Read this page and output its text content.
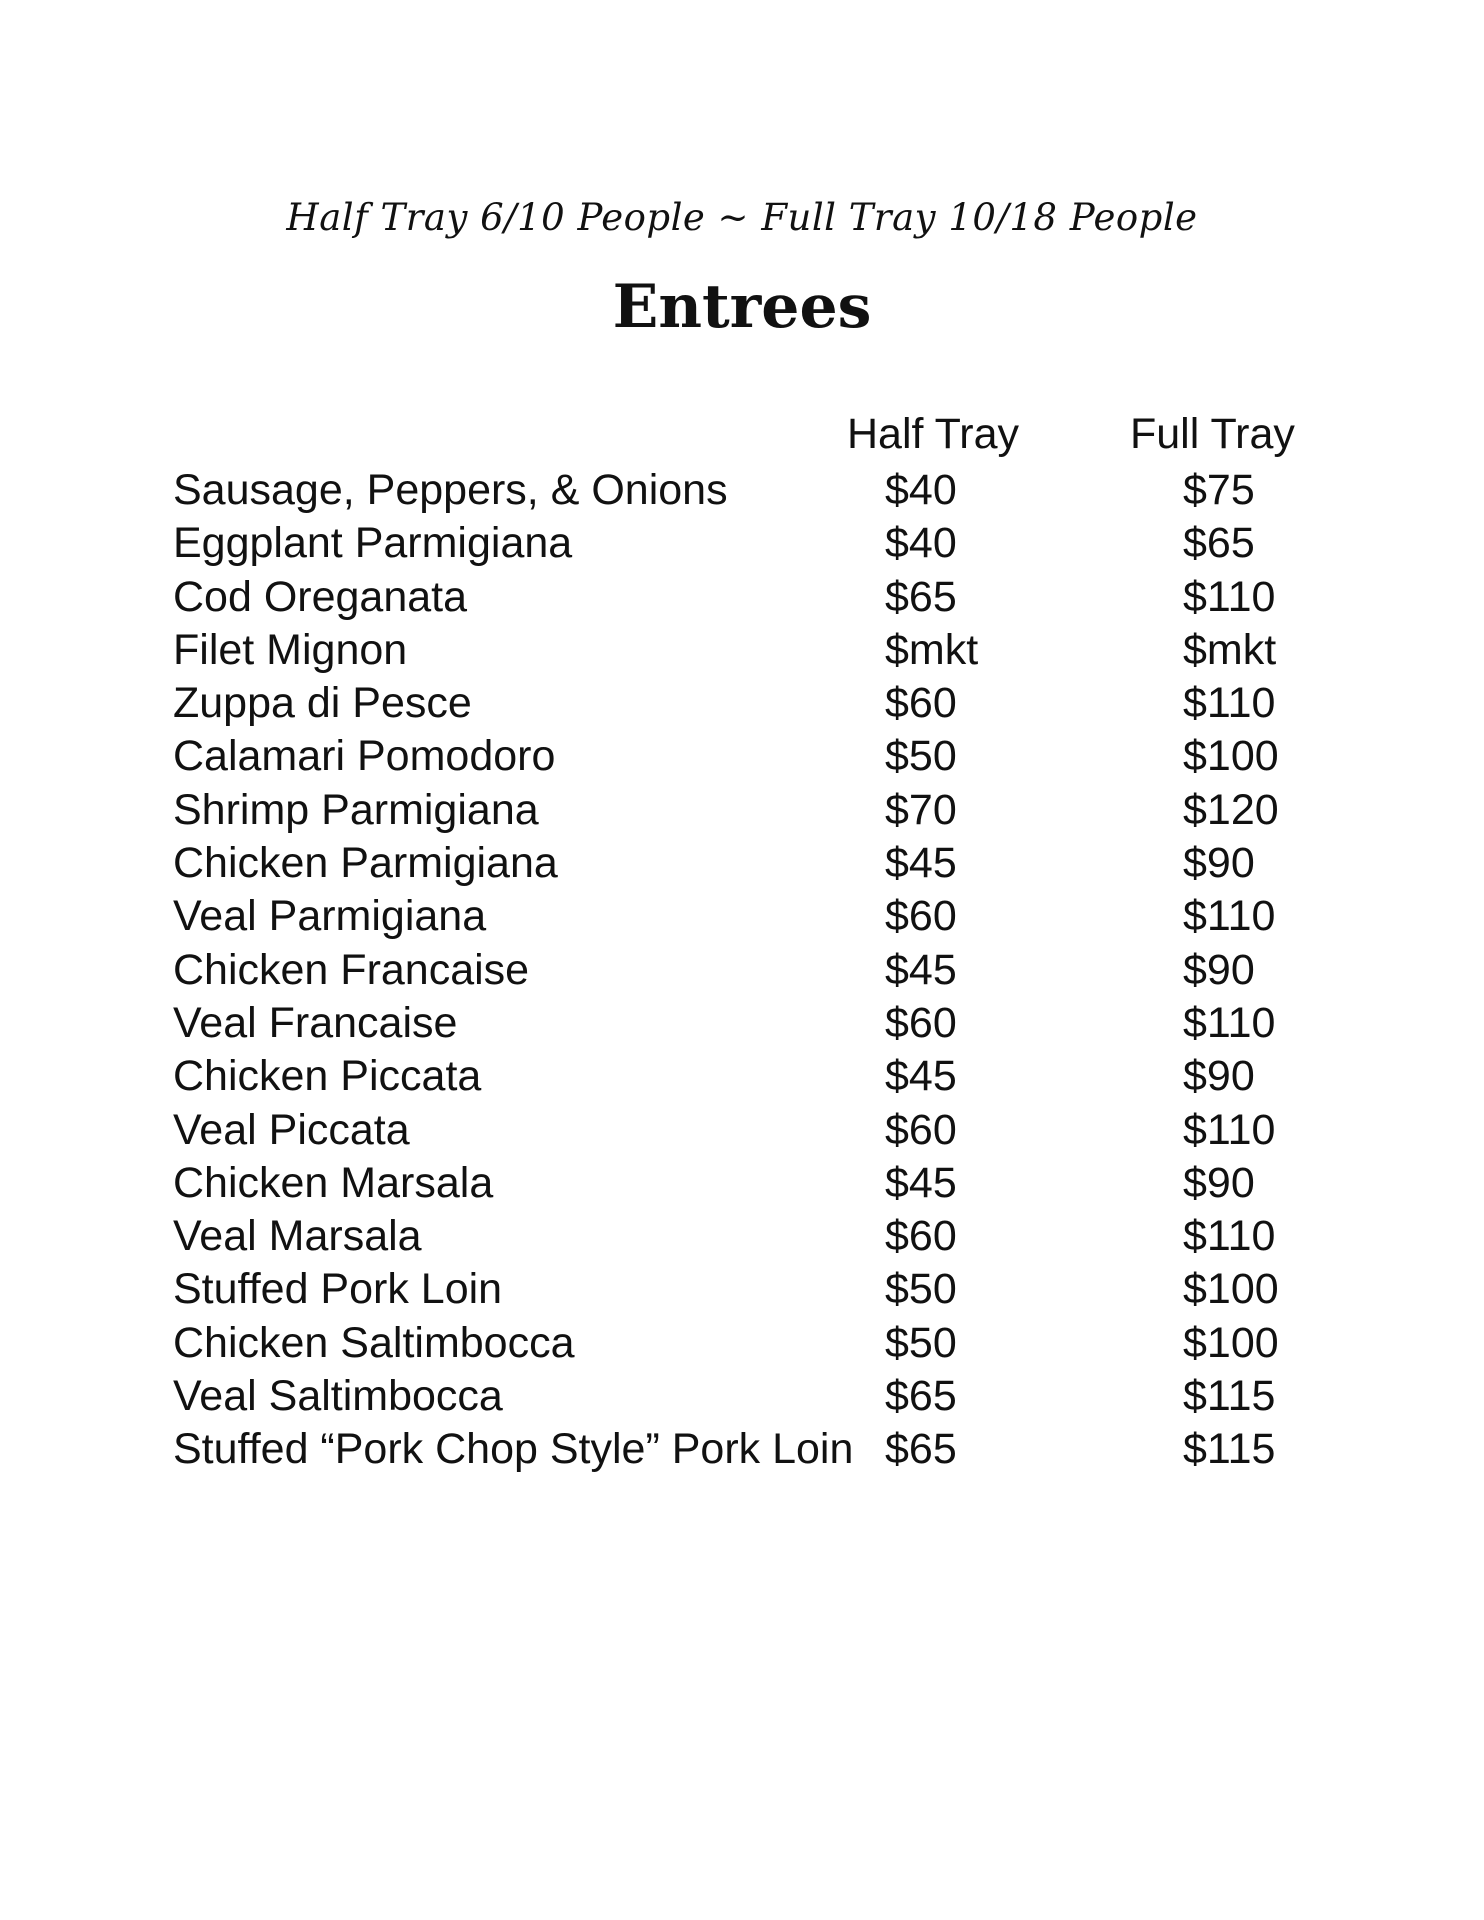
Half Tray 6/10 People ~ Full Tray 10/18 People
Entrees
Half Tray	Full Tray
Sausage, Peppers, & Onions	$40	$75
Eggplant Parmigiana	$40	$65
Cod Oreganata	$65	$110
Filet Mignon	$mkt	$mkt
Zuppa di Pesce	$60	$110
Calamari Pomodoro	$50	$100
Shrimp Parmigiana	$70	$120
Chicken Parmigiana	$45	$90
Veal Parmigiana	$60	$110
Chicken Francaise	$45	$90
Veal Francaise	$60	$110
Chicken Piccata	$45	$90
Veal Piccata	$60	$110
Chicken Marsala	$45	$90
Veal Marsala	$60	$110
Stuffed Pork Loin	$50	$100
Chicken Saltimbocca	$50	$100
Veal Saltimbocca	$65	$115
Stuffed “Pork Chop Style” Pork Loin $65	$115
